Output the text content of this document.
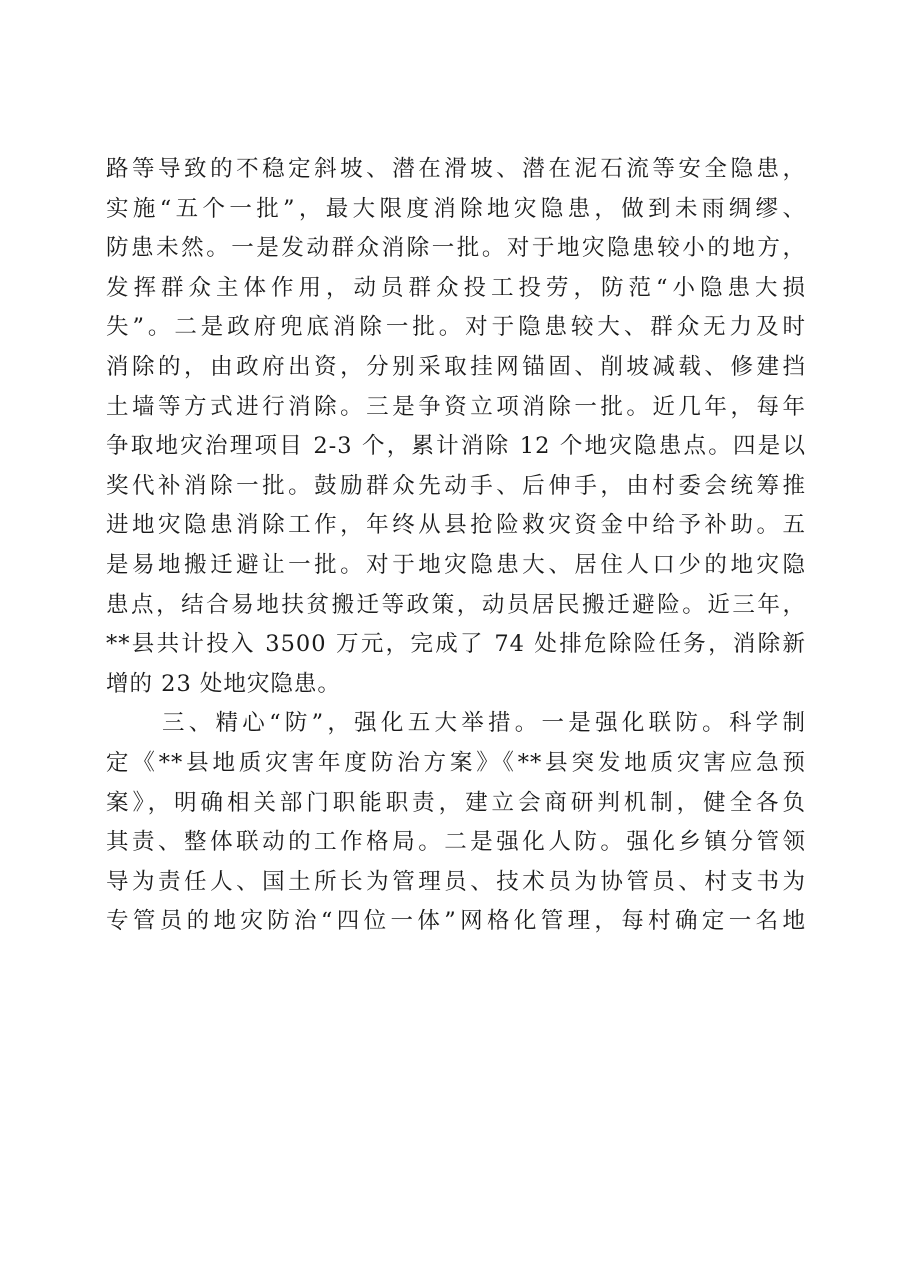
路等导致的不稳定斜坡、潜在滑坡、潜在泥石流等安全隐患，
实施“五个一批”，最大限度消除地灾隐患，做到未雨绸缪、
防患未然。一是发动群众消除一批。对于地灾隐患较小的地方，
发挥群众主体作用，动员群众投工投劳，防范“小隐患大损
失”。二是政府兜底消除一批。对于隐患较大、群众无力及时
消除的，由政府出资，分别采取挂网锚固、削坡减载、修建挡
土墙等方式进行消除。三是争资立项消除一批。近几年，每年
争取地灾治理项目 2-3 个，累计消除 12 个地灾隐患点。四是以
奖代补消除一批。鼓励群众先动手、后伸手，由村委会统筹推
进地灾隐患消除工作，年终从县抢险救灾资金中给予补助。五
是易地搬迁避让一批。对于地灾隐患大、居住人口少的地灾隐
患点，结合易地扶贫搬迁等政策，动员居民搬迁避险。近三年，
**县共计投入 3500 万元，完成了 74 处排危除险任务，消除新
增的 23 处地灾隐患。
三、精心“防”，强化五大举措。一是强化联防。科学制
定《**县地质灾害年度防治方案》《**县突发地质灾害应急预
案》，明确相关部门职能职责，建立会商研判机制，健全各负
其责、整体联动的工作格局。二是强化人防。强化乡镇分管领
导为责任人、国土所长为管理员、技术员为协管员、村支书为
专管员的地灾防治“四位一体”网格化管理，每村确定一名地
